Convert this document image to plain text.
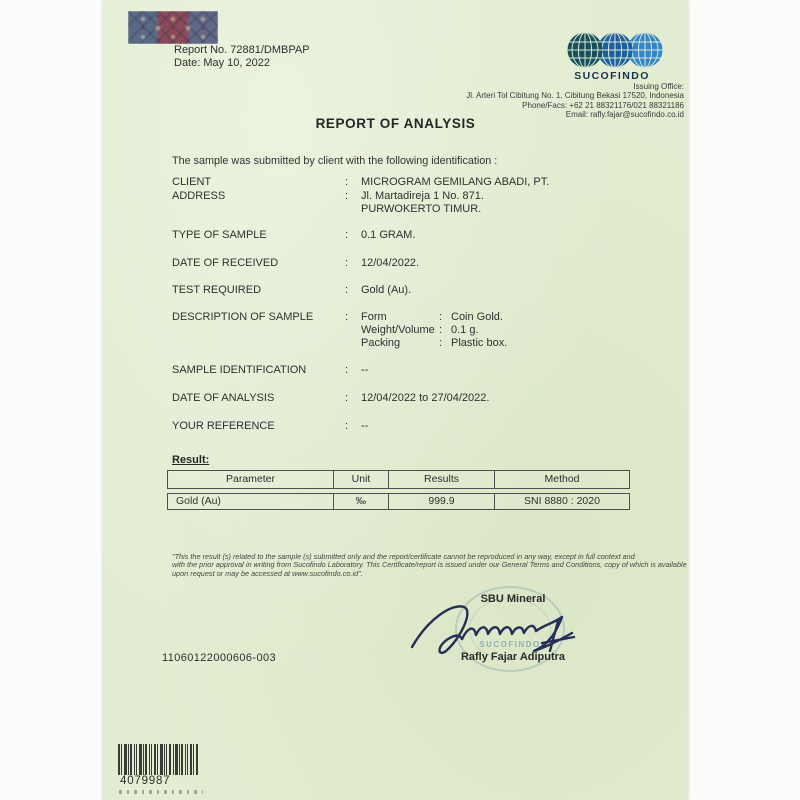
Report No. 72881/DMBPAP
Date: May 10, 2022
SUCOFINDO
Issuing Office:
Jl. Arteri Tol Cibitung No. 1, Cibitung Bekasi 17520, Indonesia
Phone/Facs: +62 21 88321176/021 88321186
Email: rafly.fajar@sucofindo.co.id
REPORT OF ANALYSIS
The sample was submitted by client with the following identification :
CLIENT	: MICROGRAM GEMILANG ABADI, PT.
ADDRESS	: Jl. Martadireja 1 No. 871.
PURWOKERTO TIMUR.
TYPE OF SAMPLE	: 0.1 GRAM.
DATE OF RECEIVED	: 12/04/2022.
TEST REQUIRED	: Gold (Au).
DESCRIPTION OF SAMPLE	: Form	: Coin Gold.
Weight/Volume : 0.1 g.
Packing	: Plastic box.
SAMPLE IDENTIFICATION	: --
DATE OF ANALYSIS	: 12/04/2022 to 27/04/2022.
YOUR REFERENCE	: --
Result:
Parameter	Unit	Results	Method
Gold (Au)	‰	999.9	SNI 8880 : 2020
"This the result (s) related to the sample (s) submitted only and the report/certificate cannot be reproduced in any way, except in full context and
with the prior approval in writing from Sucofindo Laboratory. This Certificate/report is issued under our General Terms and Conditions, copy of which is available
upon request or may be accessed at www.sucofindo.co.id".
SUCOFINDO
SBU Mineral
Rafly Fajar Adiputra
11060122000606-003
4079987
